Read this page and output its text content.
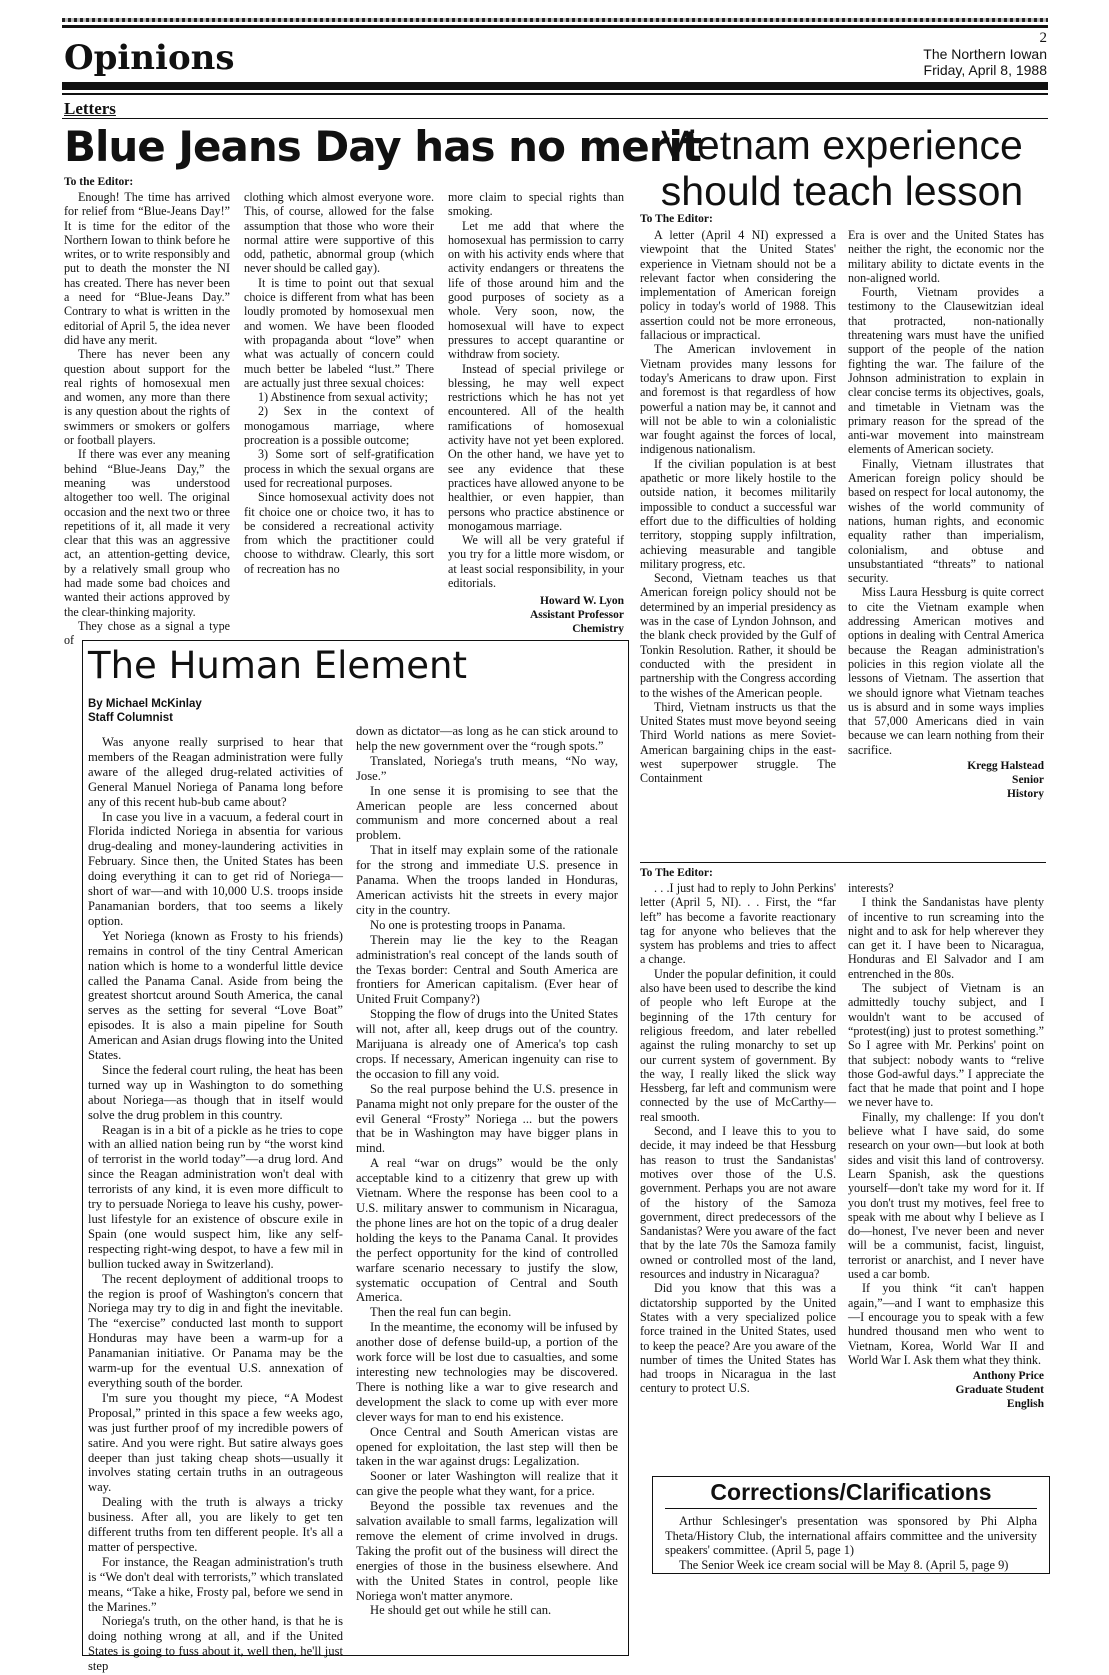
Opinions	2
The Northern Iowan
Friday, April 8, 1988
Letters
Blue Jeans Day has no merit
To the Editor:

Enough! The time has arrived for relief from “Blue-Jeans Day!” It is time for the editor of the Northern Iowan to think before he writes, or to write responsibly and put to death the monster the NI has created. There has never been a need for “Blue-Jeans Day.” Contrary to what is written in the editorial of April 5, the idea never did have any merit.

There has never been any question about support for the real rights of homosexual men and women, any more than there is any question about the rights of swimmers or smokers or golfers or football players.

If there was ever any meaning behind “Blue-Jeans Day,” the meaning was understood altogether too well. The original occasion and the next two or three repetitions of it, all made it very clear that this was an aggressive act, an attention-getting device, by a relatively small group who had made some bad choices and wanted their actions approved by the clear-thinking majority.

They chose as a signal a type of

clothing which almost everyone wore. This, of course, allowed for the false assumption that those who wore their normal attire were supportive of this odd, pathetic, abnormal group (which never should be called gay).

It is time to point out that sexual choice is different from what has been loudly promoted by homosexual men and women. We have been flooded with propaganda about “love” when what was actually of concern could much better be labeled “lust.” There are actually just three sexual choices:

1) Abstinence from sexual activity;

2) Sex in the context of monogamous marriage, where procreation is a possible outcome;

3) Some sort of self-gratification process in which the sexual organs are used for recreational purposes.

Since homosexual activity does not fit choice one or choice two, it has to be considered a recreational activity from which the practitioner could choose to withdraw. Clearly, this sort of recreation has no

more claim to special rights than smoking.

Let me add that where the homosexual has permission to carry on with his activity ends where that activity endangers or threatens the life of those around him and the good purposes of society as a whole. Very soon, now, the homosexual will have to expect pressures to accept quarantine or withdraw from society.

Instead of special privilege or blessing, he may well expect restrictions which he has not yet encountered. All of the health ramifications of homosexual activity have not yet been explored. On the other hand, we have yet to see any evidence that these practices have allowed anyone to be healthier, or even happier, than persons who practice abstinence or monogamous marriage.

We will all be very grateful if you try for a little more wisdom, or at least social responsibility, in your editorials.

Howard W. Lyon
Assistant Professor
Chemistry
Vietnam experience
should teach lesson
To The Editor:

A letter (April 4 NI) expressed a viewpoint that the United States' experience in Vietnam should not be a relevant factor when considering the implementation of American foreign policy in today's world of 1988. This assertion could not be more erroneous, fallacious or impractical.

The American invlovement in Vietnam provides many lessons for today's Americans to draw upon. First and foremost is that regardless of how powerful a nation may be, it cannot and will not be able to win a colonialistic war fought against the forces of local, indigenous nationalism.

If the civilian population is at best apathetic or more likely hostile to the outside nation, it becomes militarily impossible to conduct a successful war effort due to the difficulties of holding territory, stopping supply infiltration, achieving measurable and tangible military progress, etc.

Second, Vietnam teaches us that American foreign policy should not be determined by an imperial presidency as was in the case of Lyndon Johnson, and the blank check provided by the Gulf of Tonkin Resolution. Rather, it should be conducted with the president in partnership with the Congress according to the wishes of the American people.

Third, Vietnam instructs us that the United States must move beyond seeing Third World nations as mere Soviet-American bargaining chips in the east-west superpower struggle. The Containment

Era is over and the United States has neither the right, the economic nor the military ability to dictate events in the non-aligned world.

Fourth, Vietnam provides a testimony to the Clausewitzian ideal that protracted, non-nationally threatening wars must have the unified support of the people of the nation fighting the war. The failure of the Johnson administration to explain in clear concise terms its objectives, goals, and timetable in Vietnam was the primary reason for the spread of the anti-war movement into mainstream elements of American society.

Finally, Vietnam illustrates that American foreign policy should be based on respect for local autonomy, the wishes of the world community of nations, human rights, and economic equality rather than imperialism, colonialism, and obtuse and unsubstantiated “threats” to national security.

Miss Laura Hessburg is quite correct to cite the Vietnam example when addressing American motives and options in dealing with Central America because the Reagan administration's policies in this region violate all the lessons of Vietnam. The assertion that we should ignore what Vietnam teaches us is absurd and in some ways implies that 57,000 Americans died in vain because we can learn nothing from their sacrifice.

Kregg Halstead
Senior
History
The Human Element
By Michael McKinlay
Staff Columnist

Was anyone really surprised to hear that members of the Reagan administration were fully aware of the alleged drug-related activities of General Manuel Noriega of Panama long before any of this recent hub-bub came about?

In case you live in a vacuum, a federal court in Florida indicted Noriega in absentia for various drug-dealing and money-laundering activities in February. Since then, the United States has been doing everything it can to get rid of Noriega—short of war—and with 10,000 U.S. troops inside Panamanian borders, that too seems a likely option.

Yet Noriega (known as Frosty to his friends) remains in control of the tiny Central American nation which is home to a wonderful little device called the Panama Canal. Aside from being the greatest shortcut around South America, the canal serves as the setting for several “Love Boat” episodes. It is also a main pipeline for South American and Asian drugs flowing into the United States.

Since the federal court ruling, the heat has been turned way up in Washington to do something about Noriega—as though that in itself would solve the drug problem in this country.

Reagan is in a bit of a pickle as he tries to cope with an allied nation being run by “the worst kind of terrorist in the world today”—a drug lord. And since the Reagan administration won't deal with terrorists of any kind, it is even more difficult to try to persuade Noriega to leave his cushy, power-lust lifestyle for an existence of obscure exile in Spain (one would suspect him, like any self-respecting right-wing despot, to have a few mil in bullion tucked away in Switzerland).

The recent deployment of additional troops to the region is proof of Washington's concern that Noriega may try to dig in and fight the inevitable. The “exercise” conducted last month to support Honduras may have been a warm-up for a Panamanian initiative. Or Panama may be the warm-up for the eventual U.S. annexation of everything south of the border.

I'm sure you thought my piece, “A Modest Proposal,” printed in this space a few weeks ago, was just further proof of my incredible powers of satire. And you were right. But satire always goes deeper than just taking cheap shots—usually it involves stating certain truths in an outrageous way.

Dealing with the truth is always a tricky business. After all, you are likely to get ten different truths from ten different people. It's all a matter of perspective.

For instance, the Reagan administration's truth is “We don't deal with terrorists,” which translated means, “Take a hike, Frosty pal, before we send in the Marines.”

Noriega's truth, on the other hand, is that he is doing nothing wrong at all, and if the United States is going to fuss about it, well then, he'll just step

down as dictator—as long as he can stick around to help the new government over the “rough spots.”

Translated, Noriega's truth means, “No way, Jose.”

In one sense it is promising to see that the American people are less concerned about communism and more concerned about a real problem.

That in itself may explain some of the rationale for the strong and immediate U.S. presence in Panama. When the troops landed in Honduras, American activists hit the streets in every major city in the country.

No one is protesting troops in Panama.

Therein may lie the key to the Reagan administration's real concept of the lands south of the Texas border: Central and South America are frontiers for American capitalism. (Ever hear of United Fruit Company?)

Stopping the flow of drugs into the United States will not, after all, keep drugs out of the country. Marijuana is already one of America's top cash crops. If necessary, American ingenuity can rise to the occasion to fill any void.

So the real purpose behind the U.S. presence in Panama might not only prepare for the ouster of the evil General “Frosty” Noriega ... but the powers that be in Washington may have bigger plans in mind.

A real “war on drugs” would be the only acceptable kind to a citizenry that grew up with Vietnam. Where the response has been cool to a U.S. military answer to communism in Nicaragua, the phone lines are hot on the topic of a drug dealer holding the keys to the Panama Canal. It provides the perfect opportunity for the kind of controlled warfare scenario necessary to justify the slow, systematic occupation of Central and South America.

Then the real fun can begin.

In the meantime, the economy will be infused by another dose of defense build-up, a portion of the work force will be lost due to casualties, and some interesting new technologies may be discovered. There is nothing like a war to give research and development the slack to come up with ever more clever ways for man to end his existence.

Once Central and South American vistas are opened for exploitation, the last step will then be taken in the war against drugs: Legalization.

Sooner or later Washington will realize that it can give the people what they want, for a price.

Beyond the possible tax revenues and the salvation available to small farms, legalization will remove the element of crime involved in drugs. Taking the profit out of the business will direct the energies of those in the business elsewhere. And with the United States in control, people like Noriega won't matter anymore.

He should get out while he still can.

To The Editor:

. . .I just had to reply to John Perkins' letter (April 5, NI). . . First, the “far left” has become a favorite reactionary tag for anyone who believes that the system has problems and tries to affect a change.

Under the popular definition, it could also have been used to describe the kind of people who left Europe at the beginning of the 17th century for religious freedom, and later rebelled against the ruling monarchy to set up our current system of government. By the way, I really liked the slick way Hessberg, far left and communism were connected by the use of McCarthy—real smooth.

Second, and I leave this to you to decide, it may indeed be that Hessburg has reason to trust the Sandanistas' motives over those of the U.S. government. Perhaps you are not aware of the history of the Samoza government, direct predecessors of the Sandanistas? Were you aware of the fact that by the late 70s the Samoza family owned or controlled most of the land, resources and industry in Nicaragua?

Did you know that this was a dictatorship supported by the United States with a very specialized police force trained in the United States, used to keep the peace? Are you aware of the number of times the United States has had troops in Nicaragua in the last century to protect U.S.

interests?

I think the Sandanistas have plenty of incentive to run screaming into the night and to ask for help wherever they can get it. I have been to Nicaragua, Honduras and El Salvador and I am entrenched in the 80s.

The subject of Vietnam is an admittedly touchy subject, and I wouldn't want to be accused of “protest(ing) just to protest something.” So I agree with Mr. Perkins' point on that subject: nobody wants to “relive those God-awful days.” I appreciate the fact that he made that point and I hope we never have to.

Finally, my challenge: If you don't believe what I have said, do some research on your own—but look at both sides and visit this land of controversy. Learn Spanish, ask the questions yourself—don't take my word for it. If you don't trust my motives, feel free to speak with me about why I believe as I do—honest, I've never been and never will be a communist, facist, linguist, terrorist or anarchist, and I never have used a car bomb.

If you think “it can't happen again,”—and I want to emphasize this—I encourage you to speak with a few hundred thousand men who went to Vietnam, Korea, World War II and World War I. Ask them what they think.

Anthony Price
Graduate Student
English
Corrections/Clarifications

Arthur Schlesinger's presentation was sponsored by Phi Alpha Theta/History Club, the international affairs committee and the university speakers' committee. (April 5, page 1)

The Senior Week ice cream social will be May 8. (April 5, page 9)
